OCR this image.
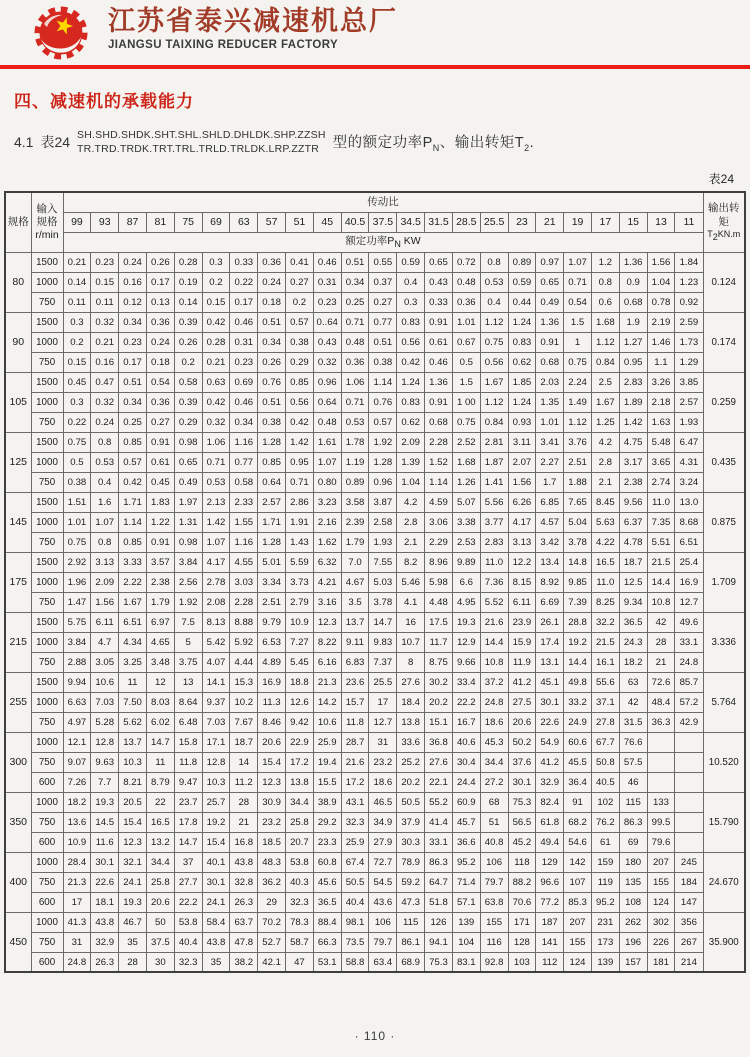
江苏省泰兴减速机总厂
JIANGSU TAIXING REDUCER FACTORY
四、减速机的承载能力
4.1 表24 SH.SHD.SHDK.SHT.SHL.SHLD.DHLDK.SHP.ZZSH
TR.TRD.TRDK.TRT.TRL.TRLD.TRLDK.LRP.ZZTR 型的额定功率$P_N$、输出转矩$T_2$.
表24
规格	输入
规格
r/min	传动比																							输出转
矩
$T_2KN.m$

		99	93	87	81	75	69	63	57	51	45	40.5	37.5	34.5	31.5	28.5	25.5	23	21	19	17	15	13	11	
		额定功率$P_N$ KW																							
80	1500	0.21	0.23	0.24	0.26	0.28	0.3	0.33	0.36	0.41	0.46	0.51	0.55	0.59	0.65	0.72	0.8	0.89	0.97	1.07	1.2	1.36	1.56	1.84	0.124
	1000	0.14	0.15	0.16	0.17	0.19	0.2	0.22	0.24	0.27	0.31	0.34	0.37	0.4	0.43	0.48	0.53	0.59	0.65	0.71	0.8	0.9	1.04	1.23	
	750	0.11	0.11	0.12	0.13	0.14	0.15	0.17	0.18	0.2	0.23	0.25	0.27	0.3	0.33	0.36	0.4	0.44	0.49	0.54	0.6	0.68	0.78	0.92	
90	1500	0.3	0.32	0.34	0.36	0.39	0.42	0.46	0.51	0.57	0..64	0.71	0.77	0.83	0.91	1.01	1.12	1.24	1.36	1.5	1.68	1.9	2.19	2.59	0.174
	1000	0.2	0.21	0.23	0.24	0.26	0.28	0.31	0.34	0.38	0.43	0.48	0.51	0.56	0.61	0.67	0.75	0.83	0.91	1	1.12	1.27	1.46	1.73	
	750	0.15	0.16	0.17	0.18	0.2	0.21	0.23	0.26	0.29	0.32	0.36	0.38	0.42	0.46	0.5	0.56	0.62	0.68	0.75	0.84	0.95	1.1	1.29	
105	1500	0.45	0.47	0.51	0.54	0.58	0.63	0.69	0.76	0.85	0.96	1.06	1.14	1.24	1.36	1.5	1.67	1.85	2.03	2.24	2.5	2.83	3.26	3.85	0.259
	1000	0.3	0.32	0.34	0.36	0.39	0.42	0.46	0.51	0.56	0.64	0.71	0.76	0.83	0.91	1 00	1.12	1.24	1.35	1.49	1.67	1.89	2.18	2.57	
	750	0.22	0.24	0.25	0.27	0.29	0.32	0.34	0.38	0.42	0.48	0.53	0.57	0.62	0.68	0.75	0.84	0.93	1.01	1.12	1.25	1.42	1.63	1.93	
125	1500	0.75	0.8	0.85	0.91	0.98	1.06	1.16	1.28	1.42	1.61	1.78	1.92	2.09	2.28	2.52	2.81	3.11	3.41	3.76	4.2	4.75	5.48	6.47	0.435
	1000	0.5	0.53	0.57	0.61	0.65	0.71	0.77	0.85	0.95	1.07	1.19	1.28	1.39	1.52	1.68	1.87	2.07	2.27	2.51	2.8	3.17	3.65	4.31	
	750	0.38	0.4	0.42	0.45	0.49	0.53	0.58	0.64	0.71	0.80	0.89	0.96	1.04	1.14	1.26	1.41	1.56	1.7	1.88	2.1	2.38	2.74	3.24	
145	1500	1.51	1.6	1.71	1.83	1.97	2.13	2.33	2.57	2.86	3.23	3.58	3.87	4.2	4.59	5.07	5.56	6.26	6.85	7.65	8.45	9.56	11.0	13.0	0.875
	1000	1.01	1.07	1.14	1.22	1.31	1.42	1.55	1.71	1.91	2.16	2.39	2.58	2.8	3.06	3.38	3.77	4.17	4.57	5.04	5.63	6.37	7.35	8.68	
	750	0.75	0.8	0.85	0.91	0.98	1.07	1.16	1.28	1.43	1.62	1.79	1.93	2.1	2.29	2.53	2.83	3.13	3.42	3.78	4.22	4.78	5.51	6.51	
175	1500	2.92	3.13	3.33	3.57	3.84	4.17	4.55	5.01	5.59	6.32	7.0	7.55	8.2	8.96	9.89	11.0	12.2	13.4	14.8	16.5	18.7	21.5	25.4	1.709
	1000	1.96	2.09	2.22	2.38	2.56	2.78	3.03	3.34	3.73	4.21	4.67	5.03	5.46	5.98	6.6	7.36	8.15	8.92	9.85	11.0	12.5	14.4	16.9	
	750	1.47	1.56	1.67	1.79	1.92	2.08	2.28	2.51	2.79	3.16	3.5	3.78	4.1	4.48	4.95	5.52	6.11	6.69	7.39	8.25	9.34	10.8	12.7	
215	1500	5.75	6.11	6.51	6.97	7.5	8.13	8.88	9.79	10.9	12.3	13.7	14.7	16	17.5	19.3	21.6	23.9	26.1	28.8	32.2	36.5	42	49.6	3.336
	1000	3.84	4.7	4.34	4.65	5	5.42	5.92	6.53	7.27	8.22	9.11	9.83	10.7	11.7	12.9	14.4	15.9	17.4	19.2	21.5	24.3	28	33.1	
	750	2.88	3.05	3.25	3.48	3.75	4.07	4.44	4.89	5.45	6.16	6.83	7.37	8	8.75	9.66	10.8	11.9	13.1	14.4	16.1	18.2	21	24.8	
255	1500	9.94	10.6	11	12	13	14.1	15.3	16.9	18.8	21.3	23.6	25.5	27.6	30.2	33.4	37.2	41.2	45.1	49.8	55.6	63	72.6	85.7	5.764
	1000	6.63	7.03	7.50	8.03	8.64	9.37	10.2	11.3	12.6	14.2	15.7	17	18.4	20.2	22.2	24.8	27.5	30.1	33.2	37.1	42	48.4	57.2	
	750	4.97	5.28	5.62	6.02	6.48	7.03	7.67	8.46	9.42	10.6	11.8	12.7	13.8	15.1	16.7	18.6	20.6	22.6	24.9	27.8	31.5	36.3	42.9	
300	1000	12.1	12.8	13.7	14.7	15.8	17.1	18.7	20.6	22.9	25.9	28.7	31	33.6	36.8	40.6	45.3	50.2	54.9	60.6	67.7	76.6			10.520
	750	9.07	9.63	10.3	11	11.8	12.8	14	15.4	17.2	19.4	21.6	23.2	25.2	27.6	30.4	34.4	37.6	41.2	45.5	50.8	57.5			
	600	7.26	7.7	8.21	8.79	9.47	10.3	11.2	12.3	13.8	15.5	17.2	18.6	20.2	22.1	24.4	27.2	30.1	32.9	36.4	40.5	46			
350	1000	18.2	19.3	20.5	22	23.7	25.7	28	30.9	34.4	38.9	43.1	46.5	50.5	55.2	60.9	68	75.3	82.4	91	102	115	133		15.790
	750	13.6	14.5	15.4	16.5	17.8	19.2	21	23.2	25.8	29.2	32.3	34.9	37.9	41.4	45.7	51	56.5	61.8	68.2	76.2	86.3	99.5		
	600	10.9	11.6	12.3	13.2	14.7	15.4	16.8	18.5	20.7	23.3	25.9	27.9	30.3	33.1	36.6	40.8	45.2	49.4	54.6	61	69	79.6		
400	1000	28.4	30.1	32.1	34.4	37	40.1	43.8	48.3	53.8	60.8	67.4	72.7	78.9	86.3	95.2	106	118	129	142	159	180	207	245	24.670
	750	21.3	22.6	24.1	25.8	27.7	30.1	32.8	36.2	40.3	45.6	50.5	54.5	59.2	64.7	71.4	79.7	88.2	96.6	107	119	135	155	184	
	600	17	18.1	19.3	20.6	22.2	24.1	26.3	29	32.3	36.5	40.4	43.6	47.3	51.8	57.1	63.8	70.6	77.2	85.3	95.2	108	124	147	
450	1000	41.3	43.8	46.7	50	53.8	58.4	63.7	70.2	78.3	88.4	98.1	106	115	126	139	155	171	187	207	231	262	302	356	35.900
	750	31	32.9	35	37.5	40.4	43.8	47.8	52.7	58.7	66.3	73.5	79.7	86.1	94.1	104	116	128	141	155	173	196	226	267	
	600	24.8	26.3	28	30	32.3	35	38.2	42.1	47	53.1	58.8	63.4	68.9	75.3	83.1	92.8	103	112	124	139	157	181	214	
· 110 ·
